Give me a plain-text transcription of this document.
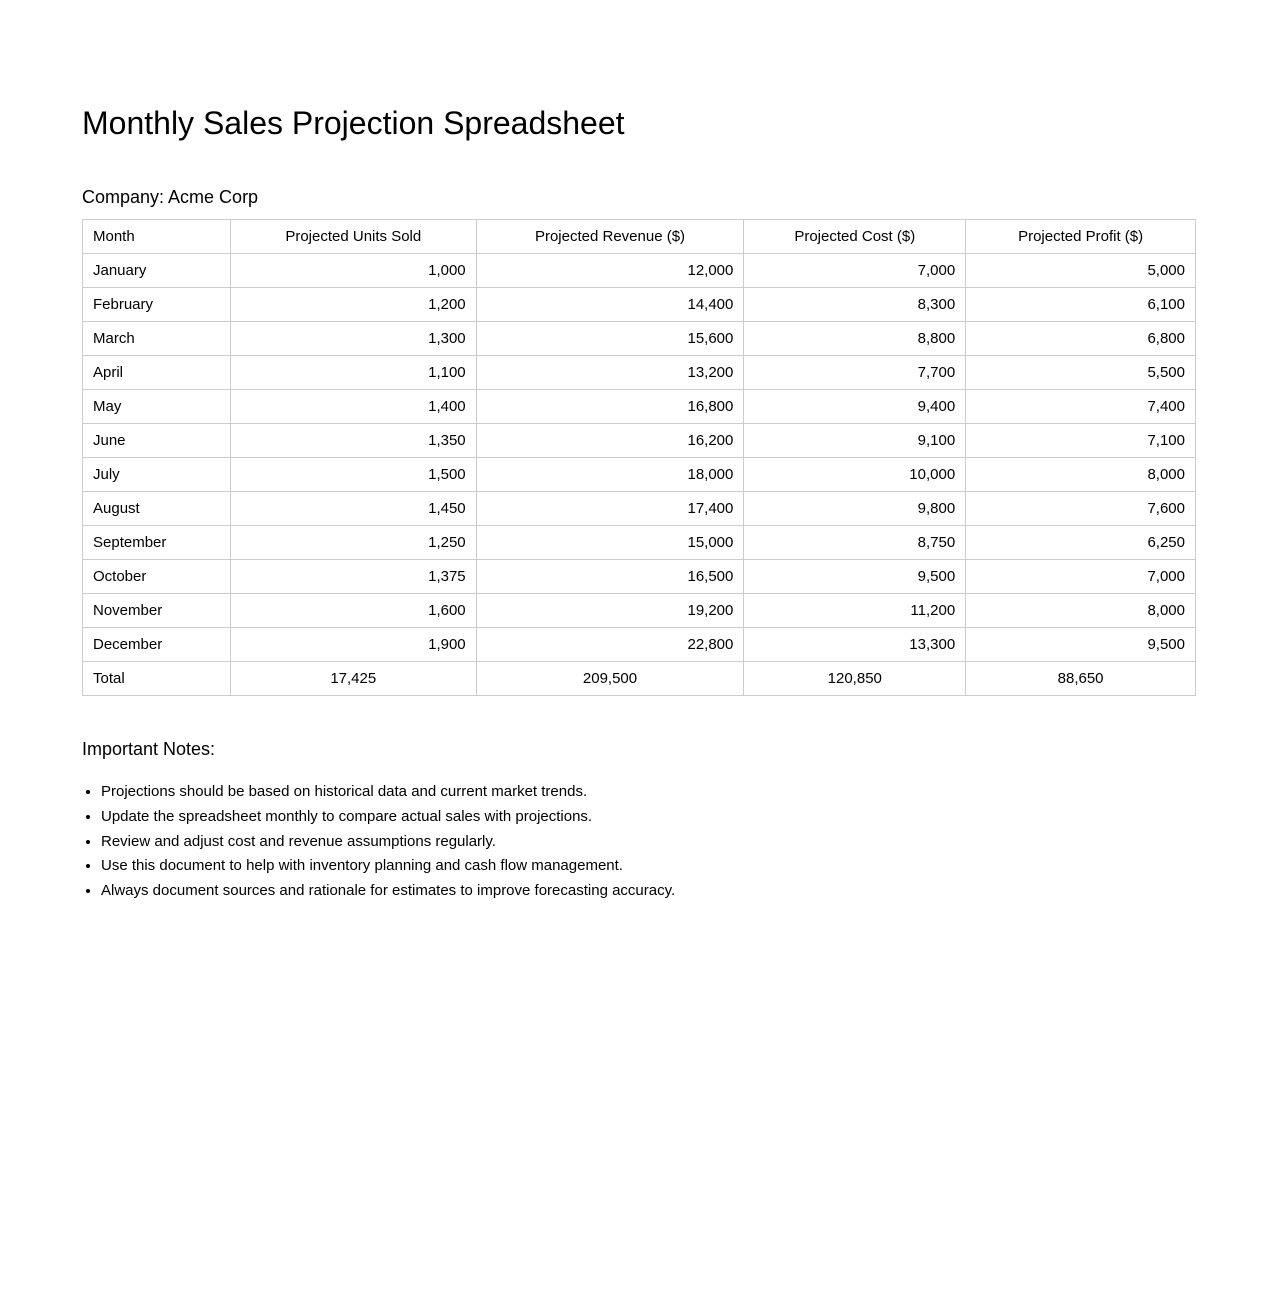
Monthly Sales Projection Spreadsheet
Company: Acme Corp
Month	Projected Units Sold	Projected Revenue ($)	Projected Cost ($)	Projected Profit ($)
January	1,000	12,000	7,000	5,000
February	1,200	14,400	8,300	6,100
March	1,300	15,600	8,800	6,800
April	1,100	13,200	7,700	5,500
May	1,400	16,800	9,400	7,400
June	1,350	16,200	9,100	7,100
July	1,500	18,000	10,000	8,000
August	1,450	17,400	9,800	7,600
September	1,250	15,000	8,750	6,250
October	1,375	16,500	9,500	7,000
November	1,600	19,200	11,200	8,000
December	1,900	22,800	13,300	9,500
Total	17,425	209,500	120,850	88,650
Important Notes:
• Projections should be based on historical data and current market trends.
• Update the spreadsheet monthly to compare actual sales with projections.
• Review and adjust cost and revenue assumptions regularly.
• Use this document to help with inventory planning and cash flow management.
• Always document sources and rationale for estimates to improve forecasting accuracy.
